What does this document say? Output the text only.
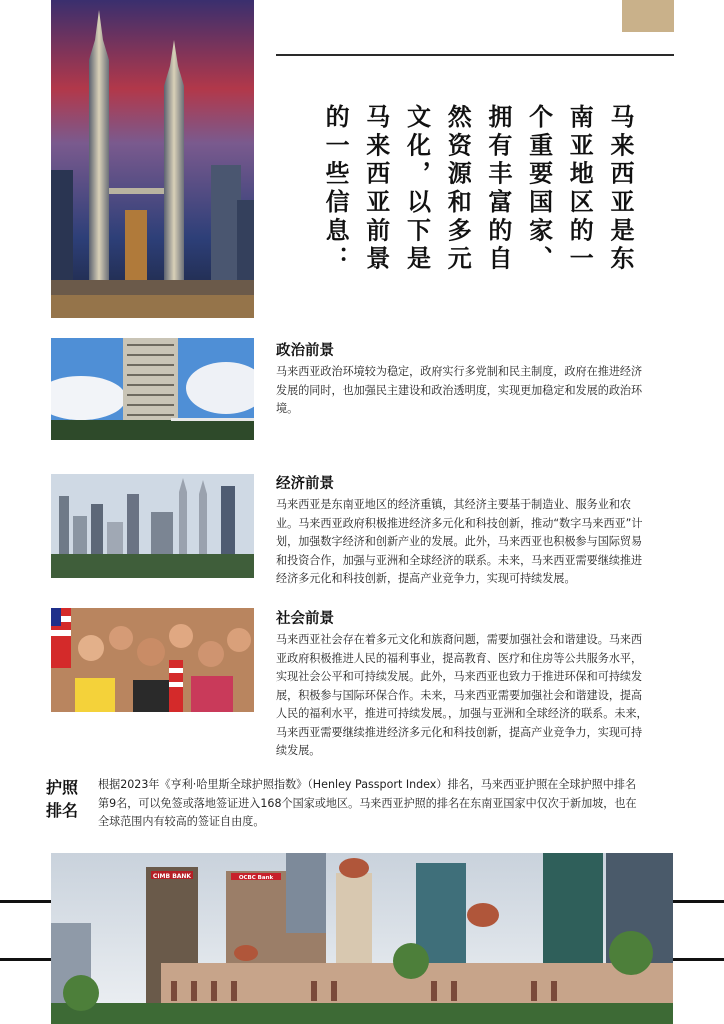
马来西亚是东南亚地区的一个重要国家、拥有丰富的自然资源和多元文化，以下是马来西亚前景的一些信息：
政治前景

马来西亚政治环境较为稳定，政府实行多党制和民主制度，政府在推进经济 发展的同时，也加强民主建设和政治透明度，实现更加稳定和发展的政治环境。

经济前景

马来西亚是东南亚地区的经济重镇，其经济主要基于制造业、服务业和农业。马来西亚政府积极推进经济多元化和科技创新，推动“数字马来西亚”计划，加强数字经济和创新产业的发展。此外，马来西亚也积极参与国际贸易和投资合作，加强与亚洲和全球经济的联系。未来，马来西亚需要继续推进经济多元化和科技创新，提高产业竞争力，实现可持续发展。

社会前景

马来西亚社会存在着多元文化和族裔问题，需要加强社会和谐建设。马来西亚政府积极推进人民的福利事业，提高教育、医疗和住房等公共服务水平，实现社会公平和可持续发展。此外，马来西亚也致力于推进环保和可持续发展，积极参与国际环保合作。未来，马来西亚需要加强社会和谐建设，提高人民的福利水平，推进可持续发展。，加强与亚洲和全球经济的联系。未来，马来西亚需要继续推进经济多元化和科技创新，提高产业竞争力，实现可持续发展。

护照排名
根据2023年《亨利·哈里斯全球护照指数》（Henley Passport Index）排名，马来西亚护照在全球护照中排名第9名，可以免签或落地签证进入168个国家或地区。马来西亚护照的排名在东南亚国家中仅次于新加坡，也在全球范围内有较高的签证自由度。
CIMB BANK	OCBC Bank
